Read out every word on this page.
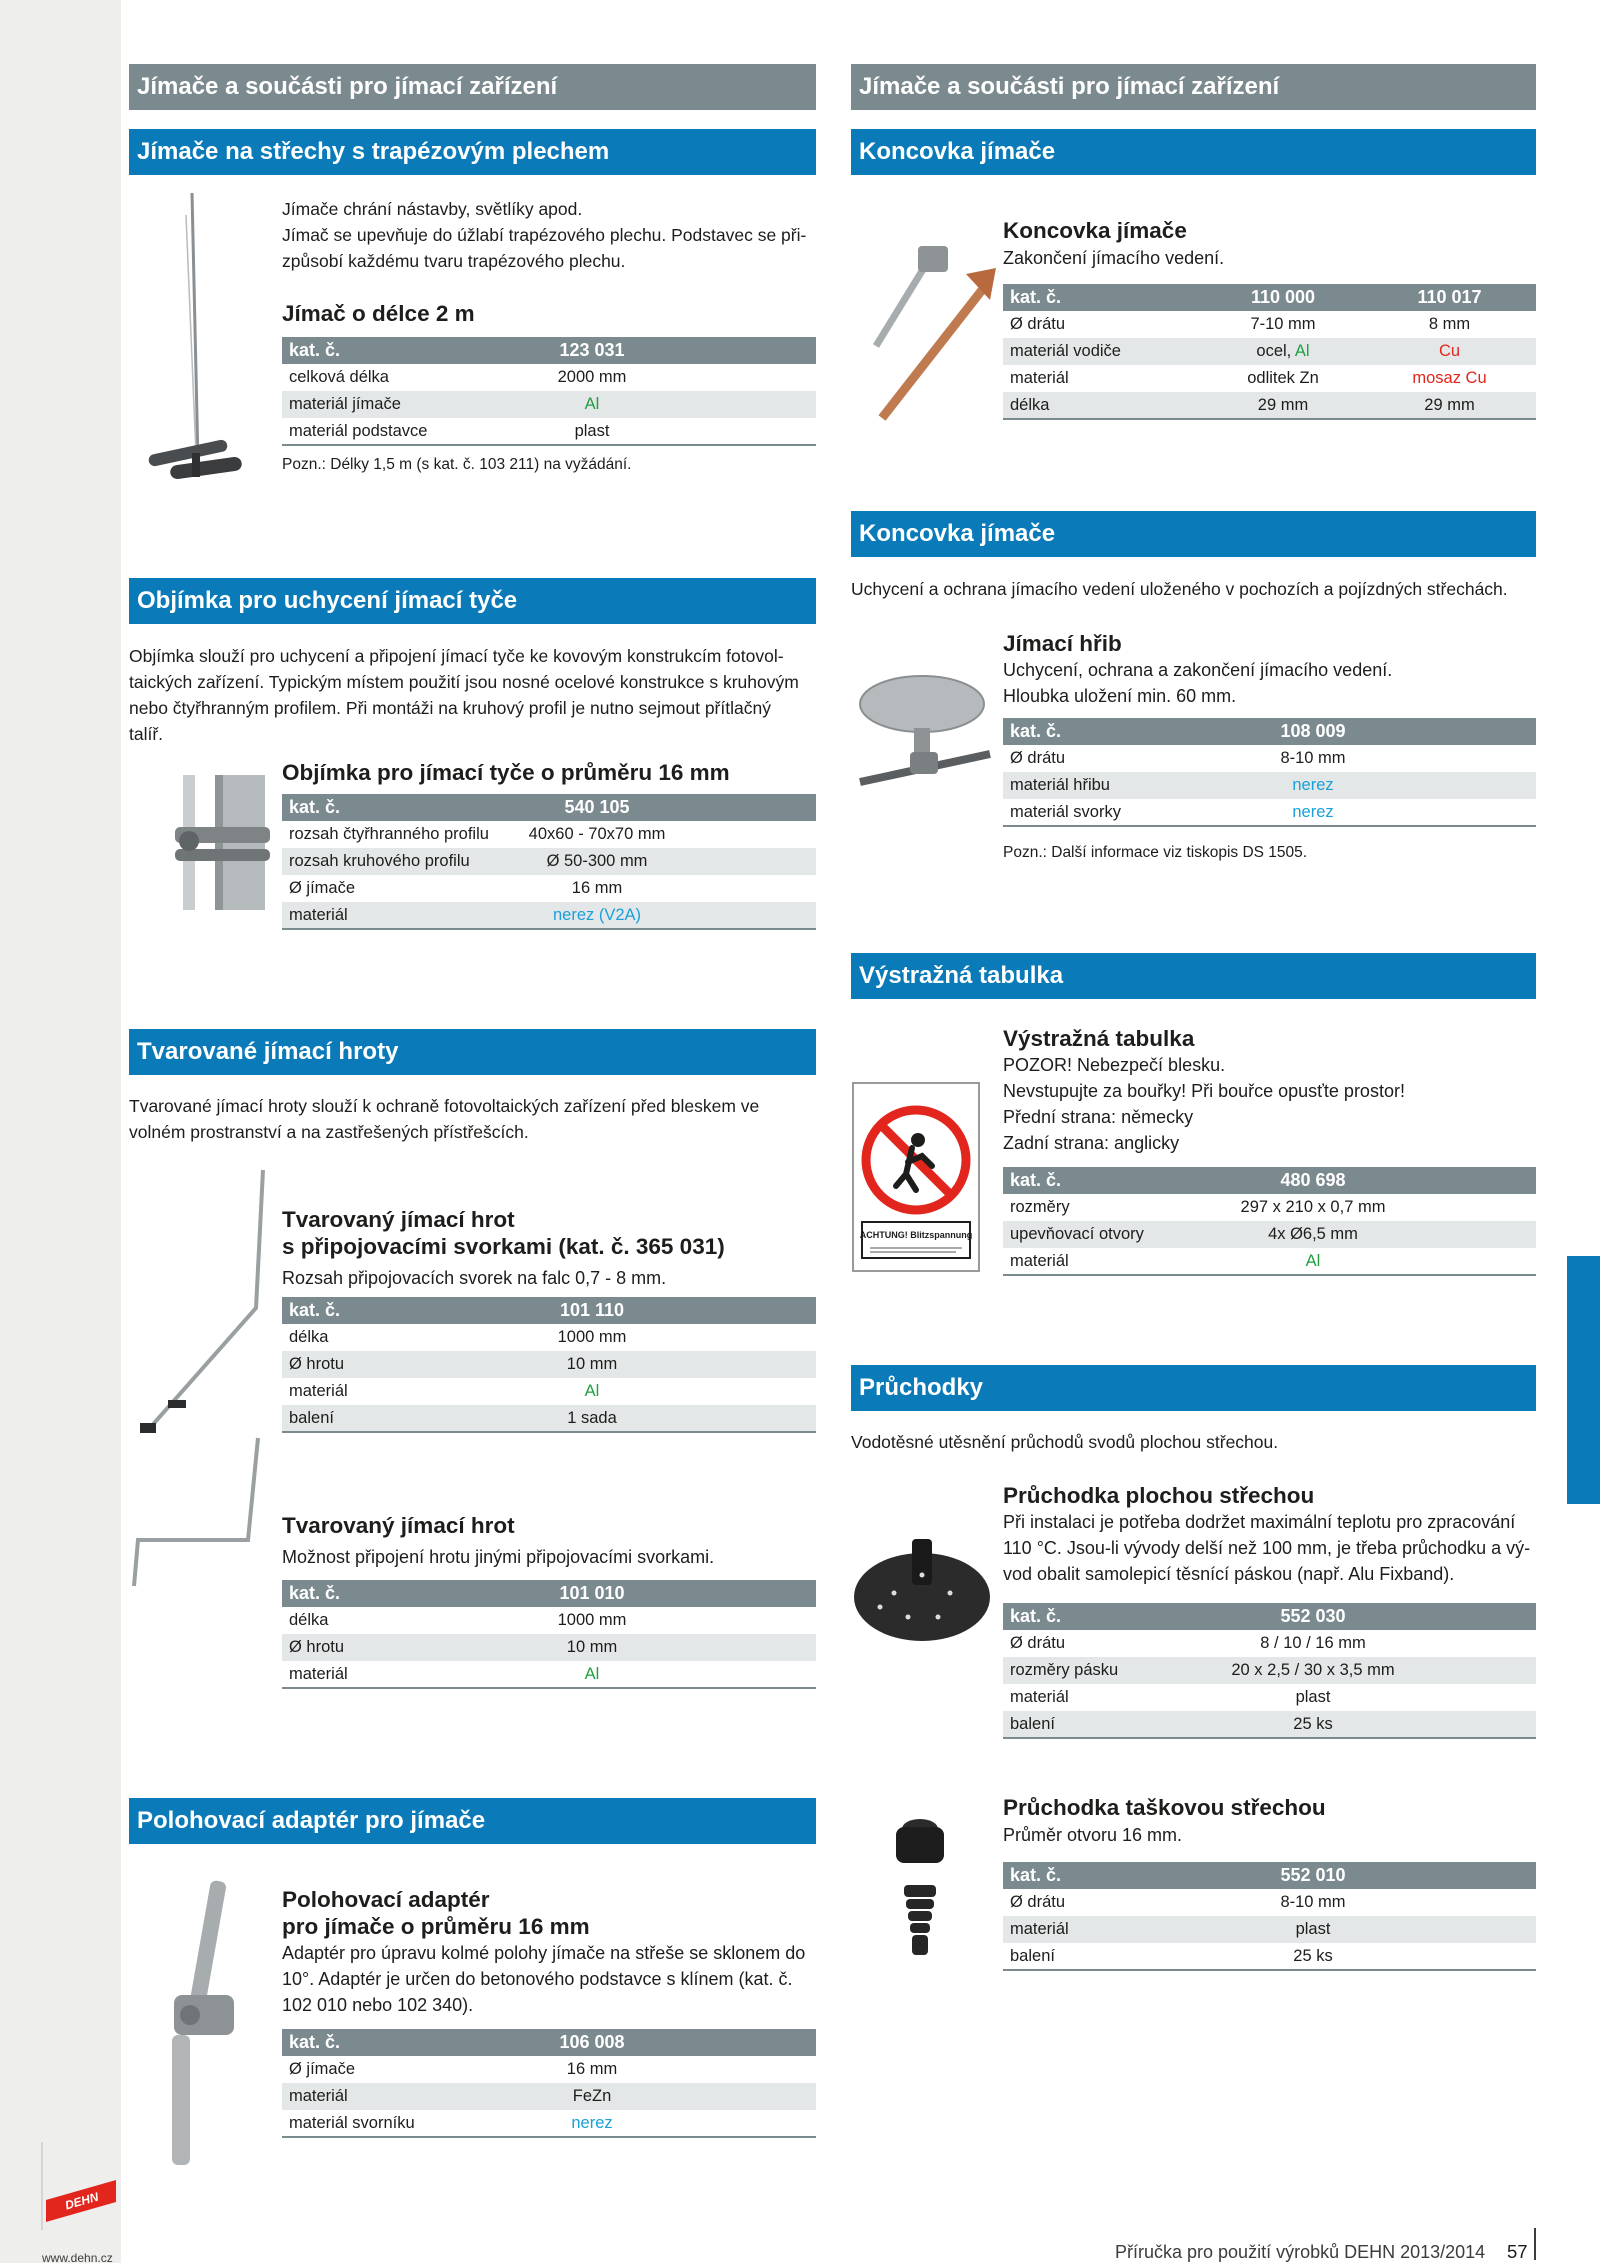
Jímače a součásti pro jímací zařízení
Jímače na střechy s trapézovým plechem
Jímače chrání nástavby, světlíky apod.
Jímač se upevňuje do úžlabí trapézového plechu. Podstavec se při-
způsobí každému tvaru trapézového plechu.
Jímač o délce 2 m
kat. č.	123 031	
celková délka	2000 mm	
materiál jímače	Al	
materiál podstavce	plast	
Pozn.: Délky 1,5 m (s kat. č. 103 211) na vyžádání.
Objímka pro uchycení jímací tyče
Objímka slouží pro uchycení a připojení jímací tyče ke kovovým konstrukcím fotovol-
taických zařízení. Typickým místem použití jsou nosné ocelové konstrukce s kruhovým
nebo čtyřhranným profilem. Při montáži na kruhový profil je nutno sejmout přítlačný
talíř.
Objímka pro jímací tyče o průměru 16 mm
kat. č.	540 105	
rozsah čtyřhranného profilu	40x60 - 70x70 mm	
rozsah kruhového profilu	Ø 50-300 mm	
Ø jímače	16 mm	
materiál	nerez (V2A)	
Tvarované jímací hroty
Tvarované jímací hroty slouží k ochraně fotovoltaických zařízení před bleskem ve
volném prostranství a na zastřešených přístřešcích.
Tvarovaný jímací hrot
s připojovacími svorkami (kat. č. 365 031)
Rozsah připojovacích svorek na falc 0,7 - 8 mm.
kat. č.	101 110	
délka	1000 mm	
Ø hrotu	10 mm	
materiál	Al	
balení	1 sada	
Tvarovaný jímací hrot
Možnost připojení hrotu jinými připojovacími svorkami.
kat. č.	101 010	
délka	1000 mm	
Ø hrotu	10 mm	
materiál	Al	
Polohovací adaptér pro jímače
Polohovací adaptér
pro jímače o průměru 16 mm
Adaptér pro úpravu kolmé polohy jímače na střeše se sklonem do
10°. Adaptér je určen do betonového podstavce s klínem (kat. č.
102 010 nebo 102 340).
kat. č.	106 008	
Ø jímače	16 mm	
materiál	FeZn	
materiál svorníku	nerez	
Jímače a součásti pro jímací zařízení
Koncovka jímače
Koncovka jímače
Zakončení jímacího vedení.
kat. č.	110 000	110 017
Ø drátu	7-10 mm	8 mm
materiál vodiče	ocel, Al	Cu
materiál	odlitek Zn	mosaz Cu
délka	29 mm	29 mm
Koncovka jímače
Uchycení a ochrana jímacího vedení uloženého v pochozích a pojízdných střechách.
Jímací hřib
Uchycení, ochrana a zakončení jímacího vedení.
Hloubka uložení min. 60 mm.
kat. č.	108 009	
Ø drátu	8-10 mm	
materiál hřibu	nerez	
materiál svorky	nerez	
Pozn.: Další informace viz tiskopis DS 1505.
Výstražná tabulka
ACHTUNG! Blitzspannung
Výstražná tabulka
POZOR! Nebezpečí blesku.
Nevstupujte za bouřky! Při bouřce opusťte prostor!
Přední strana: německy
Zadní strana: anglicky
kat. č.	480 698	
rozměry	297 x 210 x 0,7 mm	
upevňovací otvory	4x Ø6,5 mm	
materiál	Al	
Průchodky
Vodotěsné utěsnění průchodů svodů plochou střechou.
Průchodka plochou střechou
Při instalaci je potřeba dodržet maximální teplotu pro zpracování
110 °C. Jsou-li vývody delší než 100 mm, je třeba průchodku a vý-
vod obalit samolepicí těsnící páskou (např. Alu Fixband).
kat. č.	552 030	
Ø drátu	8 / 10 / 16 mm	
rozměry pásku	20 x 2,5 / 30 x 3,5 mm	
materiál	plast	
balení	25 ks	
Průchodka taškovou střechou
Průměr otvoru 16 mm.
kat. č.	552 010	
Ø drátu	8-10 mm	
materiál	plast	
balení	25 ks	
DEHN
www.dehn.cz	Příručka pro použití výrobků DEHN 2013/2014 57
